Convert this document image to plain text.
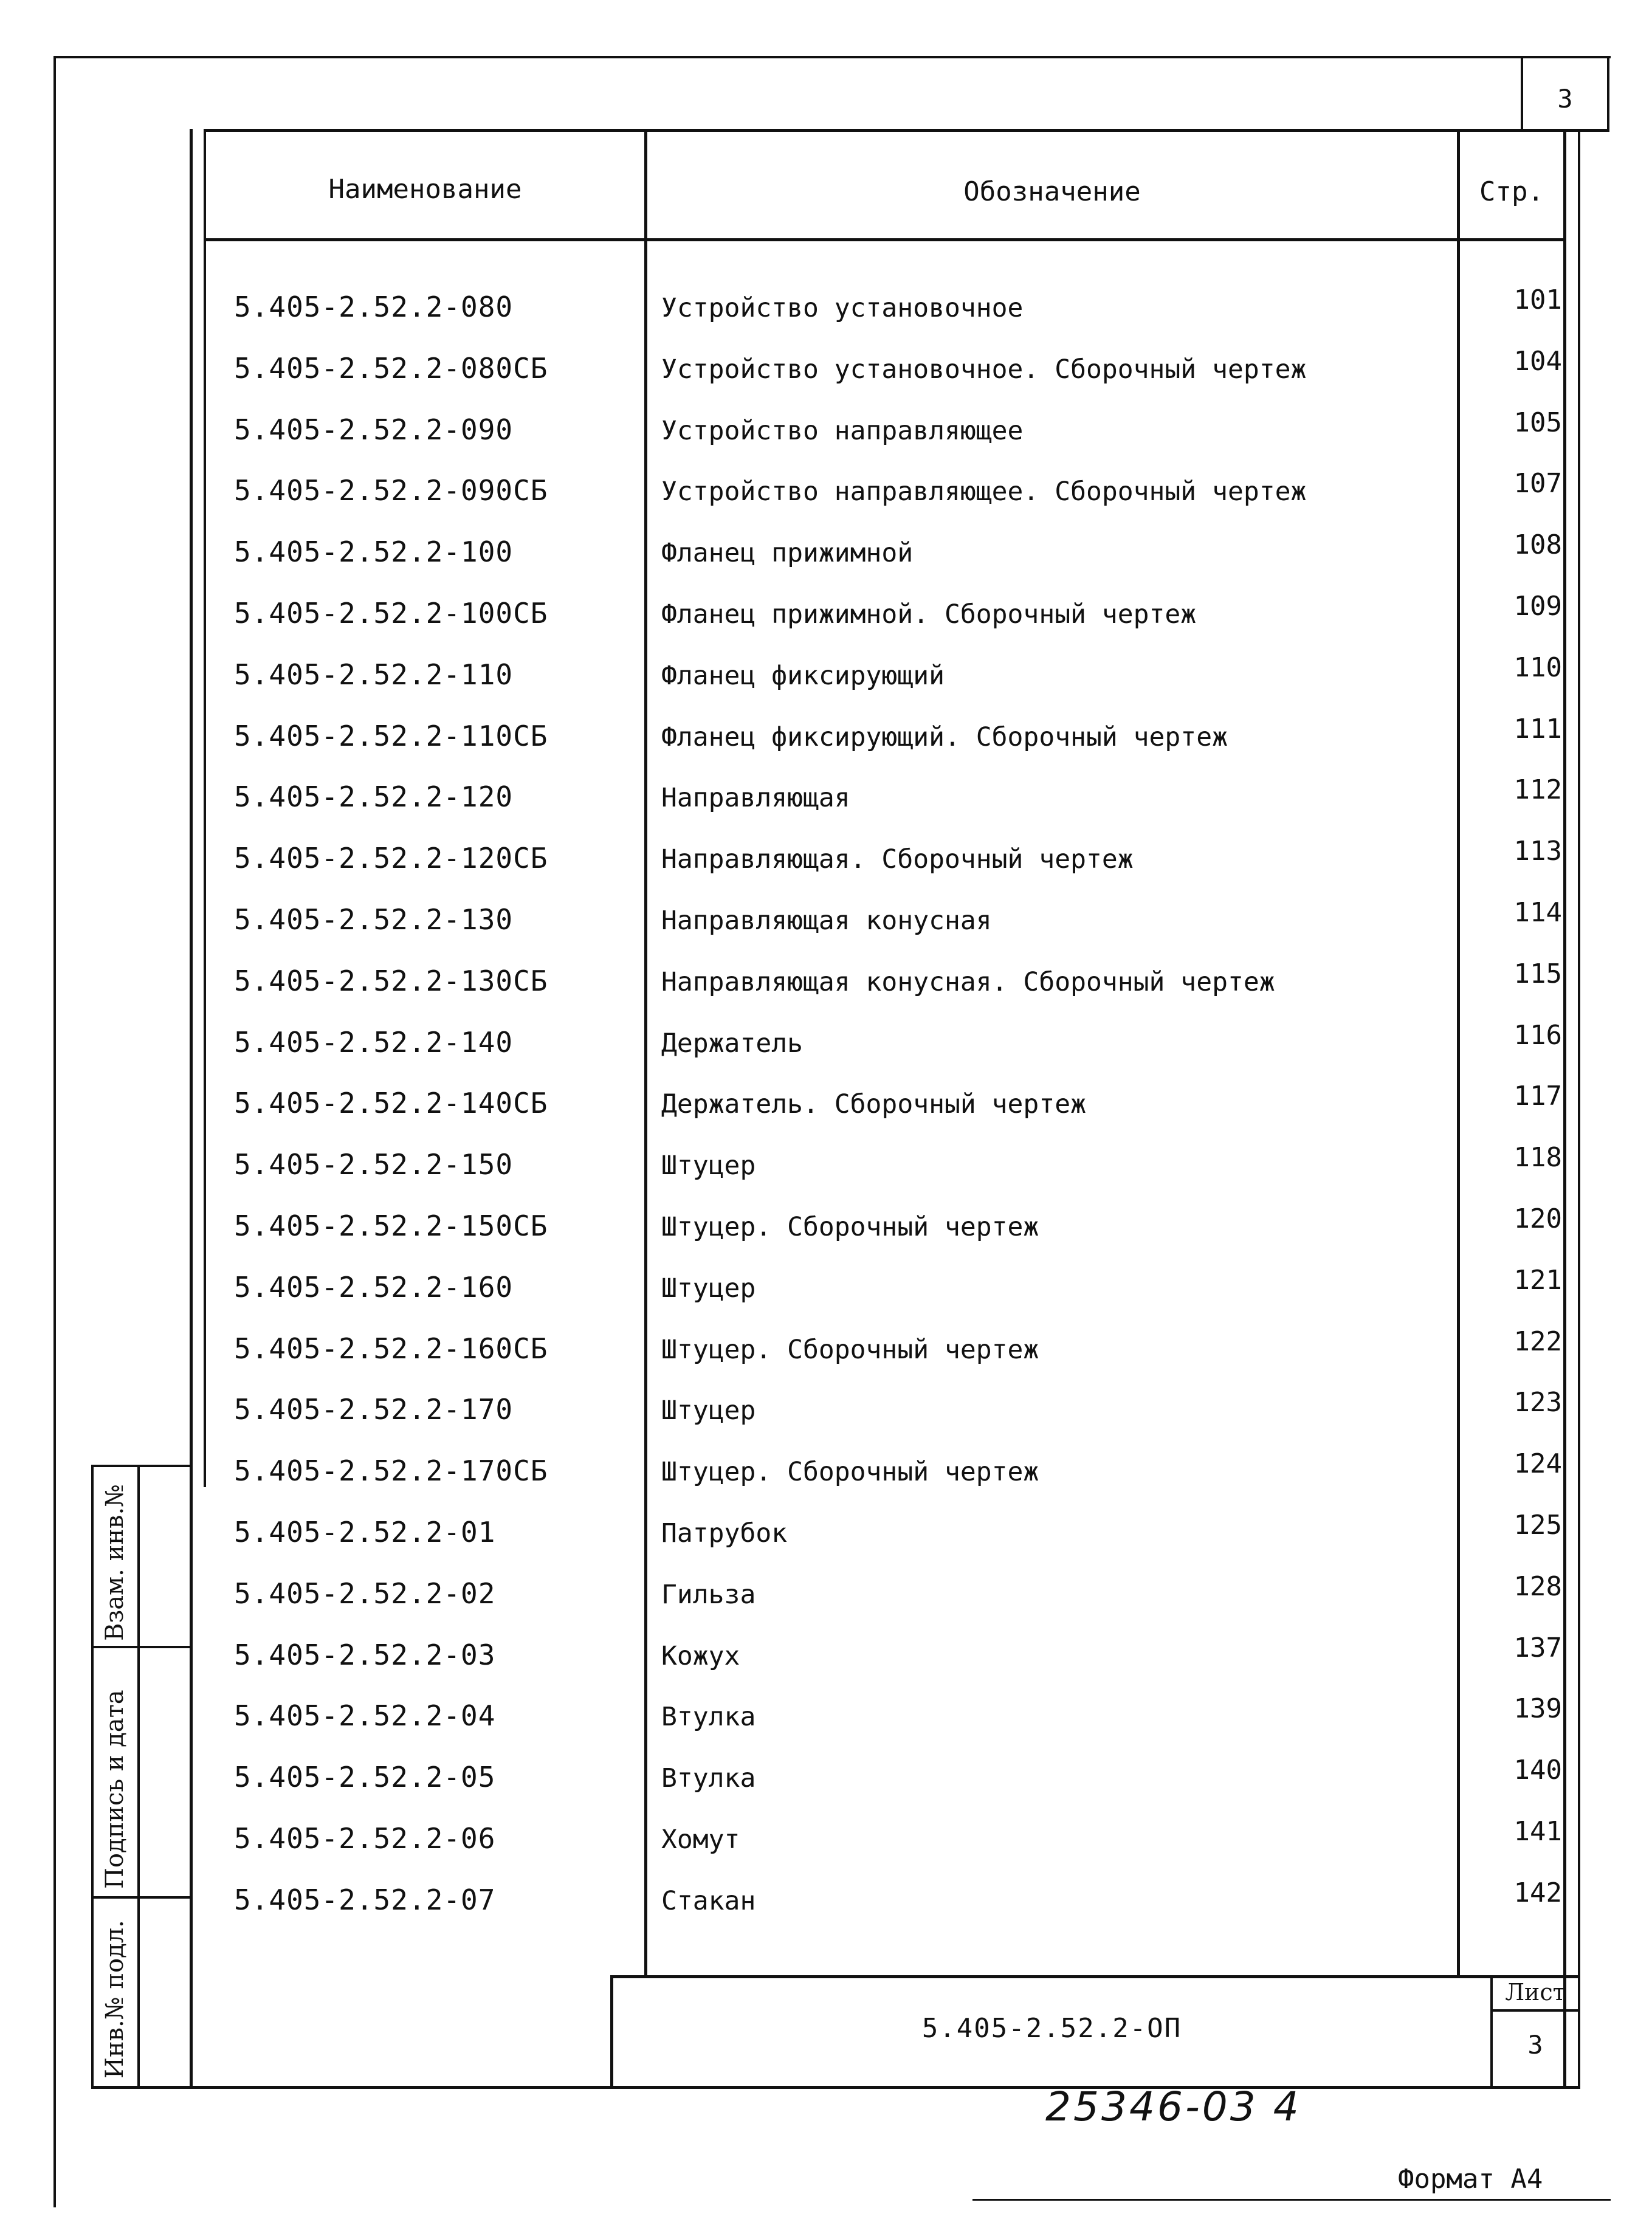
3
Наименование	Обозначение	Стр.
5.405-2.52.2-080	Устройство установочное	101
5.405-2.52.2-080СБ	Устройство установочное. Сборочный чертеж	104
5.405-2.52.2-090	Устройство направляющее	105
5.405-2.52.2-090СБ	Устройство направляющее. Сборочный чертеж	107
5.405-2.52.2-100	Фланец прижимной	108
5.405-2.52.2-100СБ	Фланец прижимной. Сборочный чертеж	109
5.405-2.52.2-110	Фланец фиксирующий	110
5.405-2.52.2-110СБ	Фланец фиксирующий. Сборочный чертеж	111
5.405-2.52.2-120	Направляющая	112
5.405-2.52.2-120СБ	Направляющая. Сборочный чертеж	113
5.405-2.52.2-130	Направляющая конусная	114
5.405-2.52.2-130СБ	Направляющая конусная. Сборочный чертеж	115
5.405-2.52.2-140	Держатель	116
5.405-2.52.2-140СБ	Держатель. Сборочный чертеж	117
5.405-2.52.2-150	Штуцер	118
5.405-2.52.2-150СБ	Штуцер. Сборочный чертеж	120
5.405-2.52.2-160	Штуцер	121
5.405-2.52.2-160СБ	Штуцер. Сборочный чертеж	122
5.405-2.52.2-170	Штуцер	123
5.405-2.52.2-170СБ	Штуцер. Сборочный чертеж	124
5.405-2.52.2-01	Патрубок	125
5.405-2.52.2-02	Гильза	128
5.405-2.52.2-03	Кожух	137
5.405-2.52.2-04	Втулка	139
5.405-2.52.2-05	Втулка	140
5.405-2.52.2-06	Хомут	141
5.405-2.52.2-07	Стакан	142
5.405-2.52.2-ОП
Лист
3
Инв.№ подл.
Подпись и дата
Взам. инв.№
25346-03 4
Формат А4
